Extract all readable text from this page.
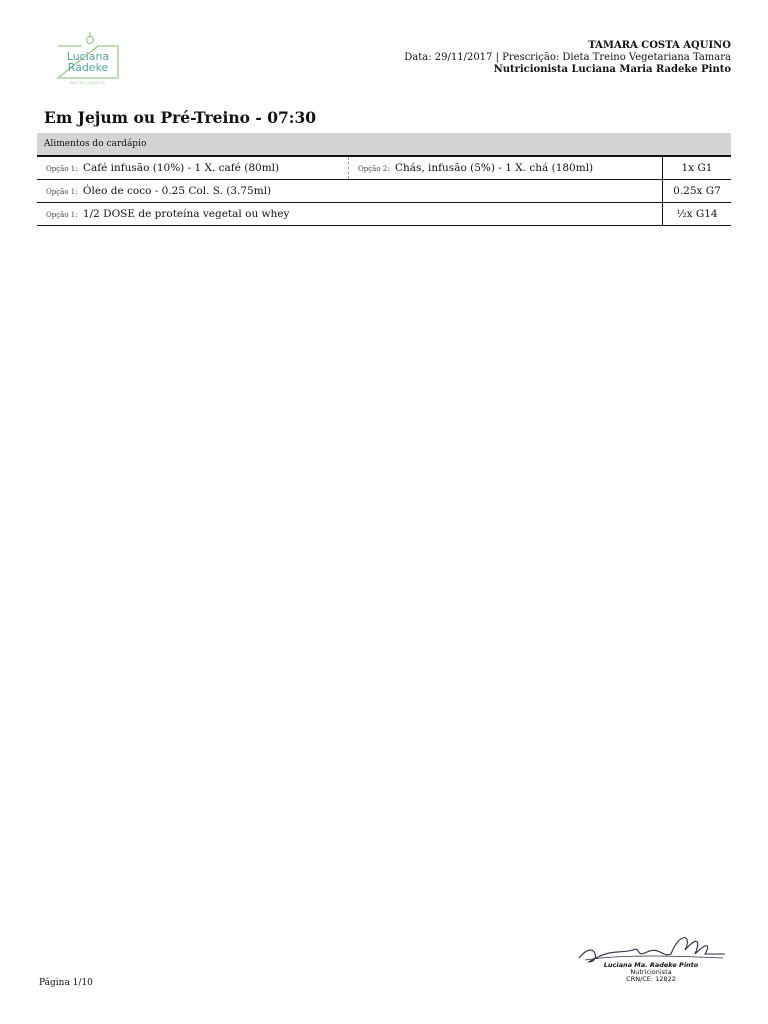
Luciana
Radeke
NUTRICIONISTA
TAMARA COSTA AQUINO
Data: 29/11/2017 | Prescrição: Dieta Treino Vegetariana Tamara
Nutricionista Luciana Maria Radeke Pinto
Em Jejum ou Pré-Treino - 07:30
Alimentos do cardápio		
Opção 1: Café infusão (10%) - 1 X. café (80ml)	Opção 2: Chás, infusão (5%) - 1 X. chá (180ml)	1x G1
Opção 1: Óleo de coco - 0.25 Col. S. (3.75ml)		0.25x G7
Opção 1: 1/2 DOSE de proteína vegetal ou whey		½x G14
Luciana Ma. Radeke Pinto
Nutricionista
CRN/CE: 12822
Página 1/10
